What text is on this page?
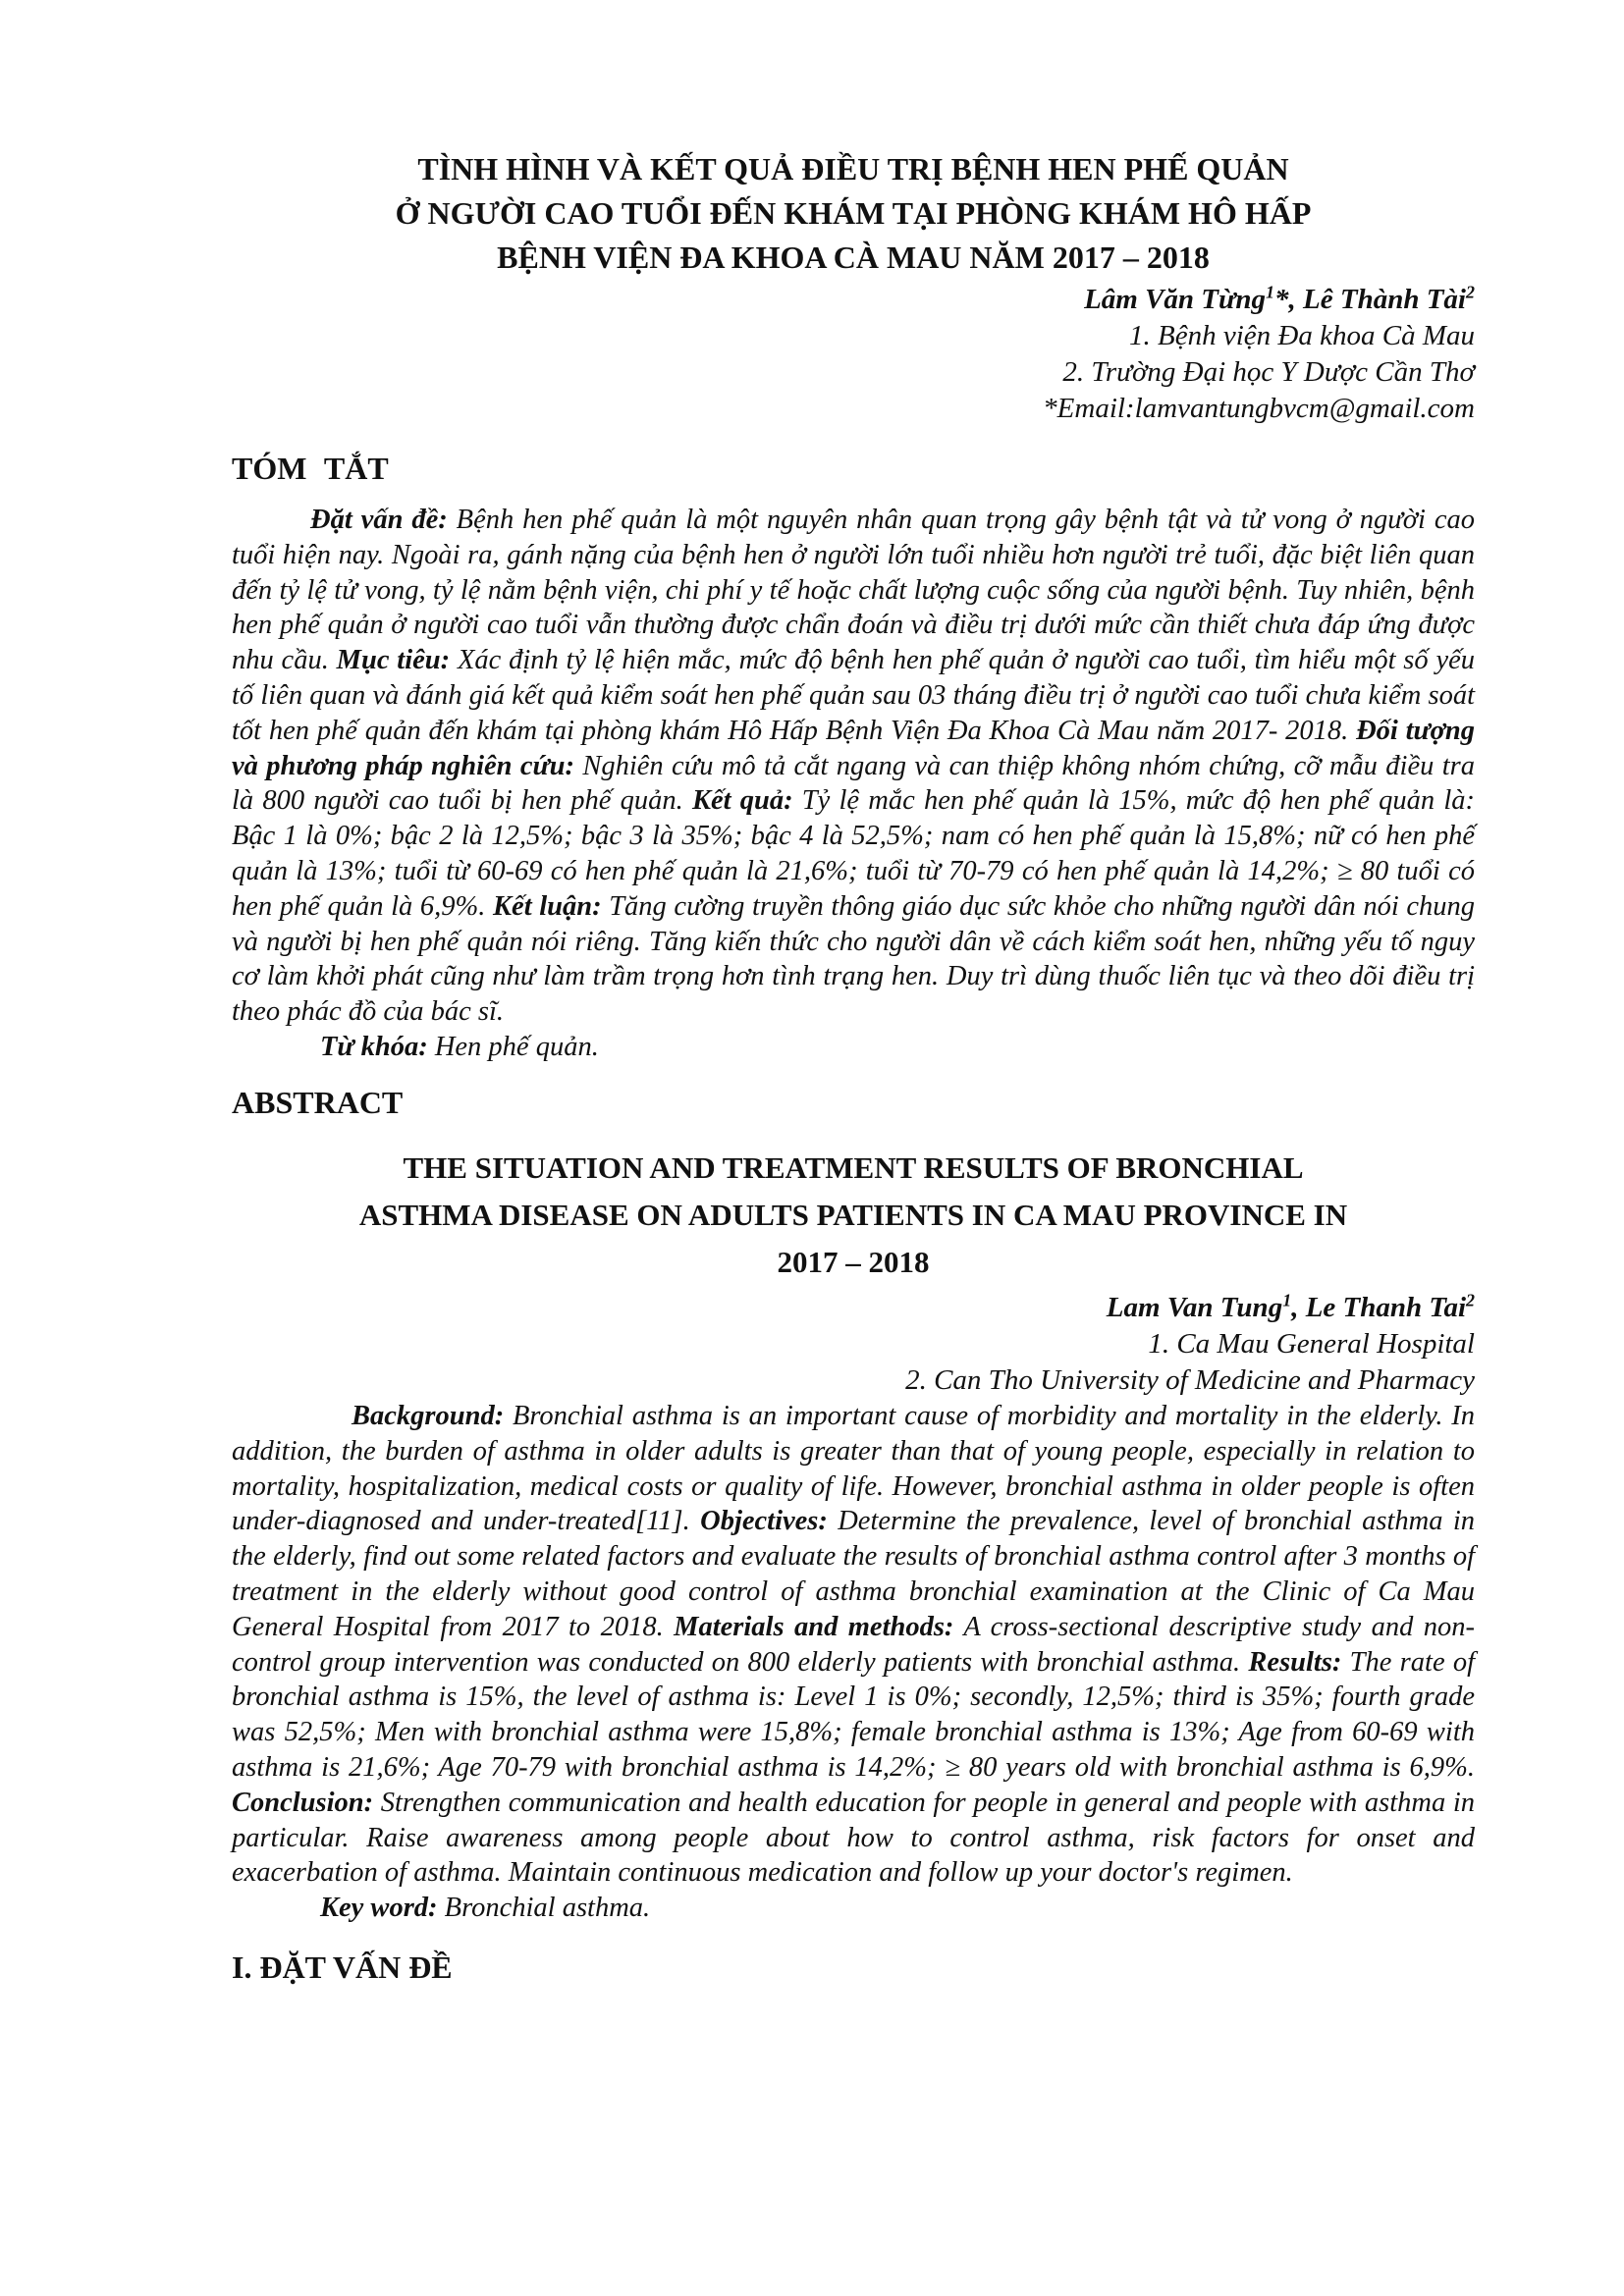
TÌNH HÌNH VÀ KẾT QUẢ ĐIỀU TRỊ BỆNH HEN PHẾ QUẢN

Ở NGƯỜI CAO TUỔI ĐẾN KHÁM TẠI PHÒNG KHÁM HÔ HẤP

BỆNH VIỆN ĐA KHOA CÀ MAU NĂM 2017 – 2018

Lâm Văn Từng$^1$*, Lê Thành Tài$^2$

1. Bệnh viện Đa khoa Cà Mau

2. Trường Đại học Y Dược Cần Thơ

*Email:lamvantungbvcm@gmail.com

TÓM TẮT

Đặt vấn đề: Bệnh hen phế quản là một nguyên nhân quan trọng gây bệnh tật và tử vong ở người cao tuổi hiện nay. Ngoài ra, gánh nặng của bệnh hen ở người lớn tuổi nhiều hơn người trẻ tuổi, đặc biệt liên quan đến tỷ lệ tử vong, tỷ lệ nằm bệnh viện, chi phí y tế hoặc chất lượng cuộc sống của người bệnh. Tuy nhiên, bệnh hen phế quản ở người cao tuổi vẫn thường được chẩn đoán và điều trị dưới mức cần thiết chưa đáp ứng được nhu cầu. Mục tiêu: Xác định tỷ lệ hiện mắc, mức độ bệnh hen phế quản ở người cao tuổi, tìm hiểu một số yếu tố liên quan và đánh giá kết quả kiểm soát hen phế quản sau 03 tháng điều trị ở người cao tuổi chưa kiểm soát tốt hen phế quản đến khám tại phòng khám Hô Hấp Bệnh Viện Đa Khoa Cà Mau năm 2017- 2018. Đối tượng và phương pháp nghiên cứu: Nghiên cứu mô tả cắt ngang và can thiệp không nhóm chứng, cỡ mẫu điều tra là 800 người cao tuổi bị hen phế quản. Kết quả: Tỷ lệ mắc hen phế quản là 15%, mức độ hen phế quản là: Bậc 1 là 0%; bậc 2 là 12,5%; bậc 3 là 35%; bậc 4 là 52,5%; nam có hen phế quản là 15,8%; nữ có hen phế quản là 13%; tuổi từ 60-69 có hen phế quản là 21,6%; tuổi từ 70-79 có hen phế quản là 14,2%; ≥ 80 tuổi có hen phế quản là 6,9%. Kết luận: Tăng cường truyền thông giáo dục sức khỏe cho những người dân nói chung và người bị hen phế quản nói riêng. Tăng kiến thức cho người dân về cách kiểm soát hen, những yếu tố nguy cơ làm khởi phát cũng như làm trầm trọng hơn tình trạng hen. Duy trì dùng thuốc liên tục và theo dõi điều trị theo phác đồ của bác sĩ.

Từ khóa: Hen phế quản.

ABSTRACT

THE SITUATION AND TREATMENT RESULTS OF BRONCHIAL

ASTHMA DISEASE ON ADULTS PATIENTS IN CA MAU PROVINCE IN

2017 – 2018

Lam Van Tung$^1$, Le Thanh Tai$^2$

1. Ca Mau General Hospital

2. Can Tho University of Medicine and Pharmacy

Background: Bronchial asthma is an important cause of morbidity and mortality in the elderly. In addition, the burden of asthma in older adults is greater than that of young people, especially in relation to mortality, hospitalization, medical costs or quality of life. However, bronchial asthma in older people is often under-diagnosed and under-treated[11]. Objectives: Determine the prevalence, level of bronchial asthma in the elderly, find out some related factors and evaluate the results of bronchial asthma control after 3 months of treatment in the elderly without good control of asthma bronchial examination at the Clinic of Ca Mau General Hospital from 2017 to 2018. Materials and methods: A cross-sectional descriptive study and non-control group intervention was conducted on 800 elderly patients with bronchial asthma. Results: The rate of bronchial asthma is 15%, the level of asthma is: Level 1 is 0%; secondly, 12,5%; third is 35%; fourth grade was 52,5%; Men with bronchial asthma were 15,8%; female bronchial asthma is 13%; Age from 60-69 with asthma is 21,6%; Age 70-79 with bronchial asthma is 14,2%; ≥ 80 years old with bronchial asthma is 6,9%. Conclusion: Strengthen communication and health education for people in general and people with asthma in particular. Raise awareness among people about how to control asthma, risk factors for onset and exacerbation of asthma. Maintain continuous medication and follow up your doctor's regimen.

Key word: Bronchial asthma.

I. ĐẶT VẤN ĐỀ
